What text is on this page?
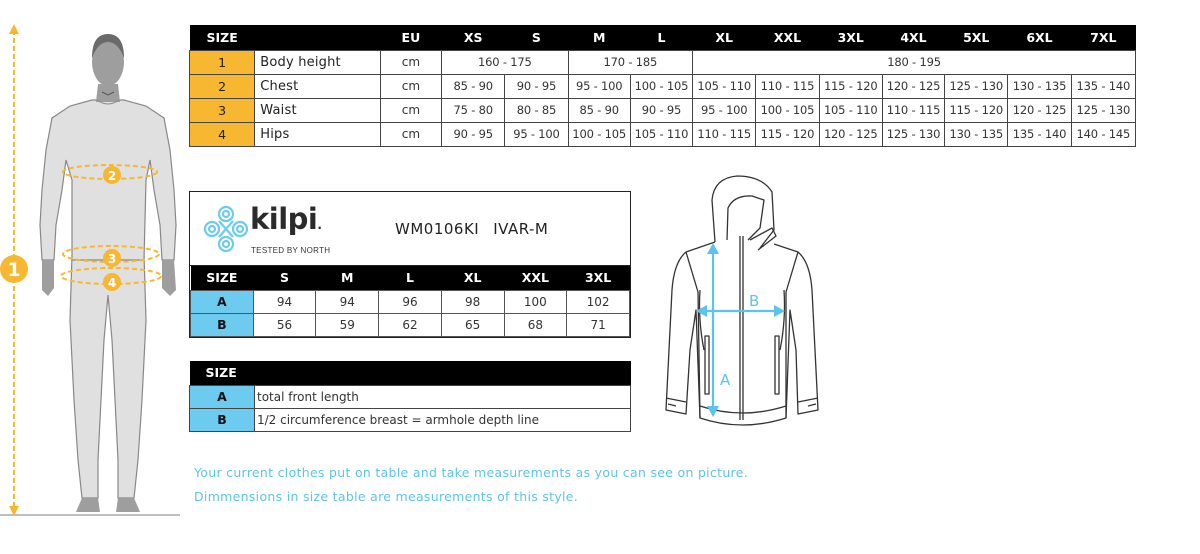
1
2
3
4
SIZE		EU	XS	S	M	L	XL	XXL	3XL	4XL	5XL	6XL	7XL
1	Body height	cm	160 - 175		170 - 185		180 - 195						
2	Chest	cm	85 - 90	90 - 95	95 - 100	100 - 105	105 - 110	110 - 115	115 - 120	120 - 125	125 - 130	130 - 135	135 - 140
3	Waist	cm	75 - 80	80 - 85	85 - 90	90 - 95	95 - 100	100 - 105	105 - 110	110 - 115	115 - 120	120 - 125	125 - 130
4	Hips	cm	90 - 95	95 - 100	100 - 105	105 - 110	110 - 115	115 - 120	120 - 125	125 - 130	130 - 135	135 - 140	140 - 145
kilpi.
TESTED BY NORTH
WM0106KI IVAR-M
SIZE	S	M	L	XL	XXL	3XL
A	94	94	96	98	100	102
B	56	59	62	65	68	71
SIZE	
A	total front length
B	1/2 circumference breast = armhole depth line
A
B
Your current clothes put on table and take measurements as you can see on picture.
Dimmensions in size table are measurements of this style.
